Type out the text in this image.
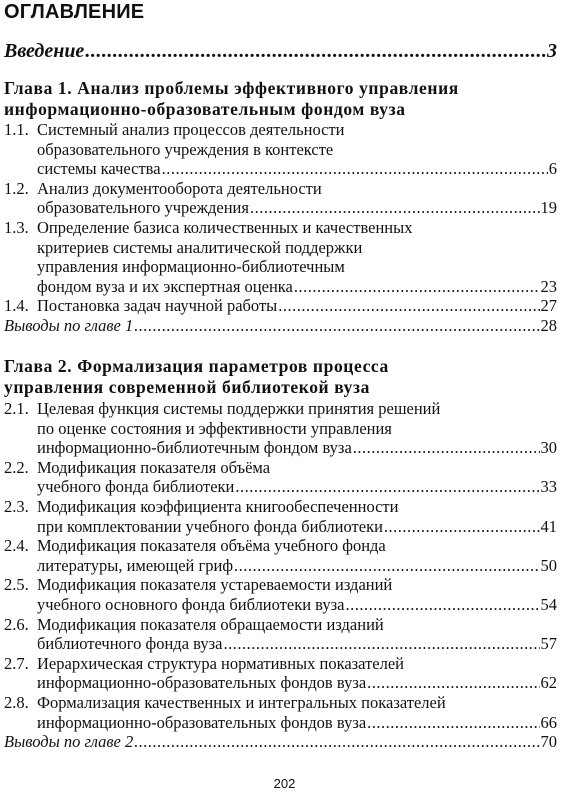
ОГЛАВЛЕНИЕ
Введение .....	3
Глава 1. Анализ проблемы эффективного управления
информационно-образовательным фондом вуза
1.1. Системный анализ процессов деятельности
образовательного учреждения в контексте
системы качества .....	6
1.2. Анализ документооборота деятельности
образовательного учреждения .....	19
1.3. Определение базиса количественных и качественных
критериев системы аналитической поддержки
управления информационно-библиотечным
фондом вуза и их экспертная оценка .....	23
1.4. Постановка задач научной работы .....	27
Выводы по главе 1 .....	28
Глава 2. Формализация параметров процесса
управления современной библиотекой вуза
2.1. Целевая функция системы поддержки принятия решений
по оценке состояния и эффективности управления
информационно-библиотечным фондом вуза .....	30
2.2. Модификация показателя объёма
учебного фонда библиотеки .....	33
2.3. Модификация коэффициента книгообеспеченности
при комплектовании учебного фонда библиотеки .....	41
2.4. Модификация показателя объёма учебного фонда
литературы, имеющей гриф .....	50
2.5. Модификация показателя устареваемости изданий
учебного основного фонда библиотеки вуза .....	54
2.6. Модификация показателя обращаемости изданий
библиотечного фонда вуза .....	57
2.7. Иерархическая структура нормативных показателей
информационно-образовательных фондов вуза .....	62
2.8. Формализация качественных и интегральных показателей
информационно-образовательных фондов вуза .....	66
Выводы по главе 2 .....	70
202
